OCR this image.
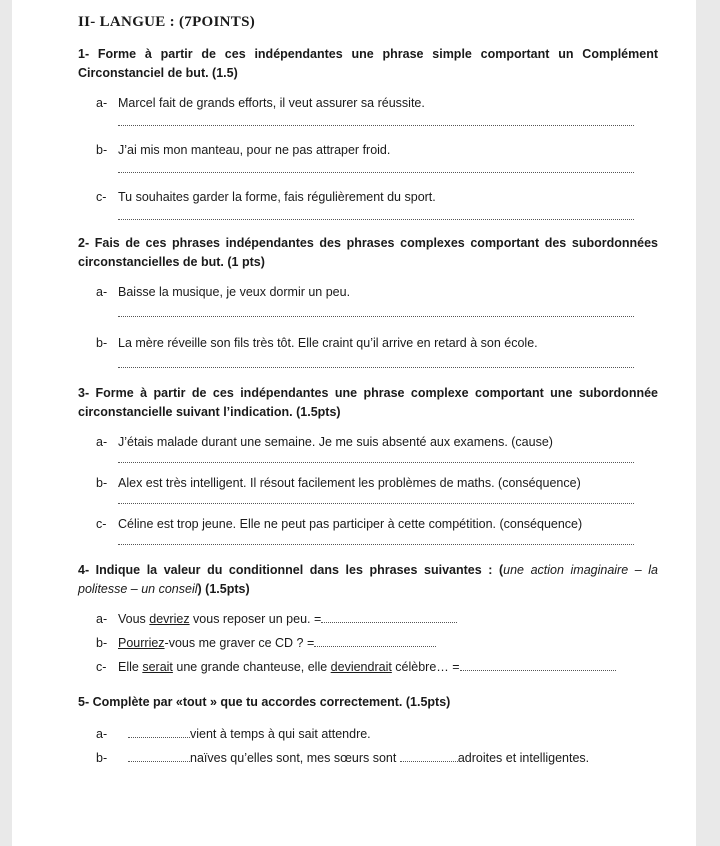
II- LANGUE : (7POINTS)

1- Forme à partir de ces indépendantes une phrase simple comportant un Complément Circonstanciel de but. (1.5)

a- Marcel fait de grands efforts, il veut assurer sa réussite.
b- J’ai mis mon manteau, pour ne pas attraper froid.
c- Tu souhaites garder la forme, fais régulièrement du sport.

2- Fais de ces phrases indépendantes des phrases complexes comportant des subordonnées circonstancielles de but. (1 pts)

a- Baisse la musique, je veux dormir un peu.
b- La mère réveille son fils très tôt. Elle craint qu’il arrive en retard à son école.

3- Forme à partir de ces indépendantes une phrase complexe comportant une subordonnée circonstancielle suivant l’indication. (1.5pts)

a- J’étais malade durant une semaine. Je me suis absenté aux examens. (cause)
b- Alex est très intelligent. Il résout facilement les problèmes de maths. (conséquence)
c- Céline est trop jeune. Elle ne peut pas participer à cette compétition. (conséquence)

4- Indique la valeur du conditionnel dans les phrases suivantes : (une action imaginaire – la politesse – un conseil) (1.5pts)

a- Vous devriez vous reposer un peu. =
b- Pourriez-vous me graver ce CD ? =
c- Elle serait une grande chanteuse, elle deviendrait célèbre… =

5- Complète par «tout » que tu accordes correctement. (1.5pts)

a-	vient à temps à qui sait attendre.
b-	naïves qu’elles sont, mes sœurs sont	adroites et intelligentes.
